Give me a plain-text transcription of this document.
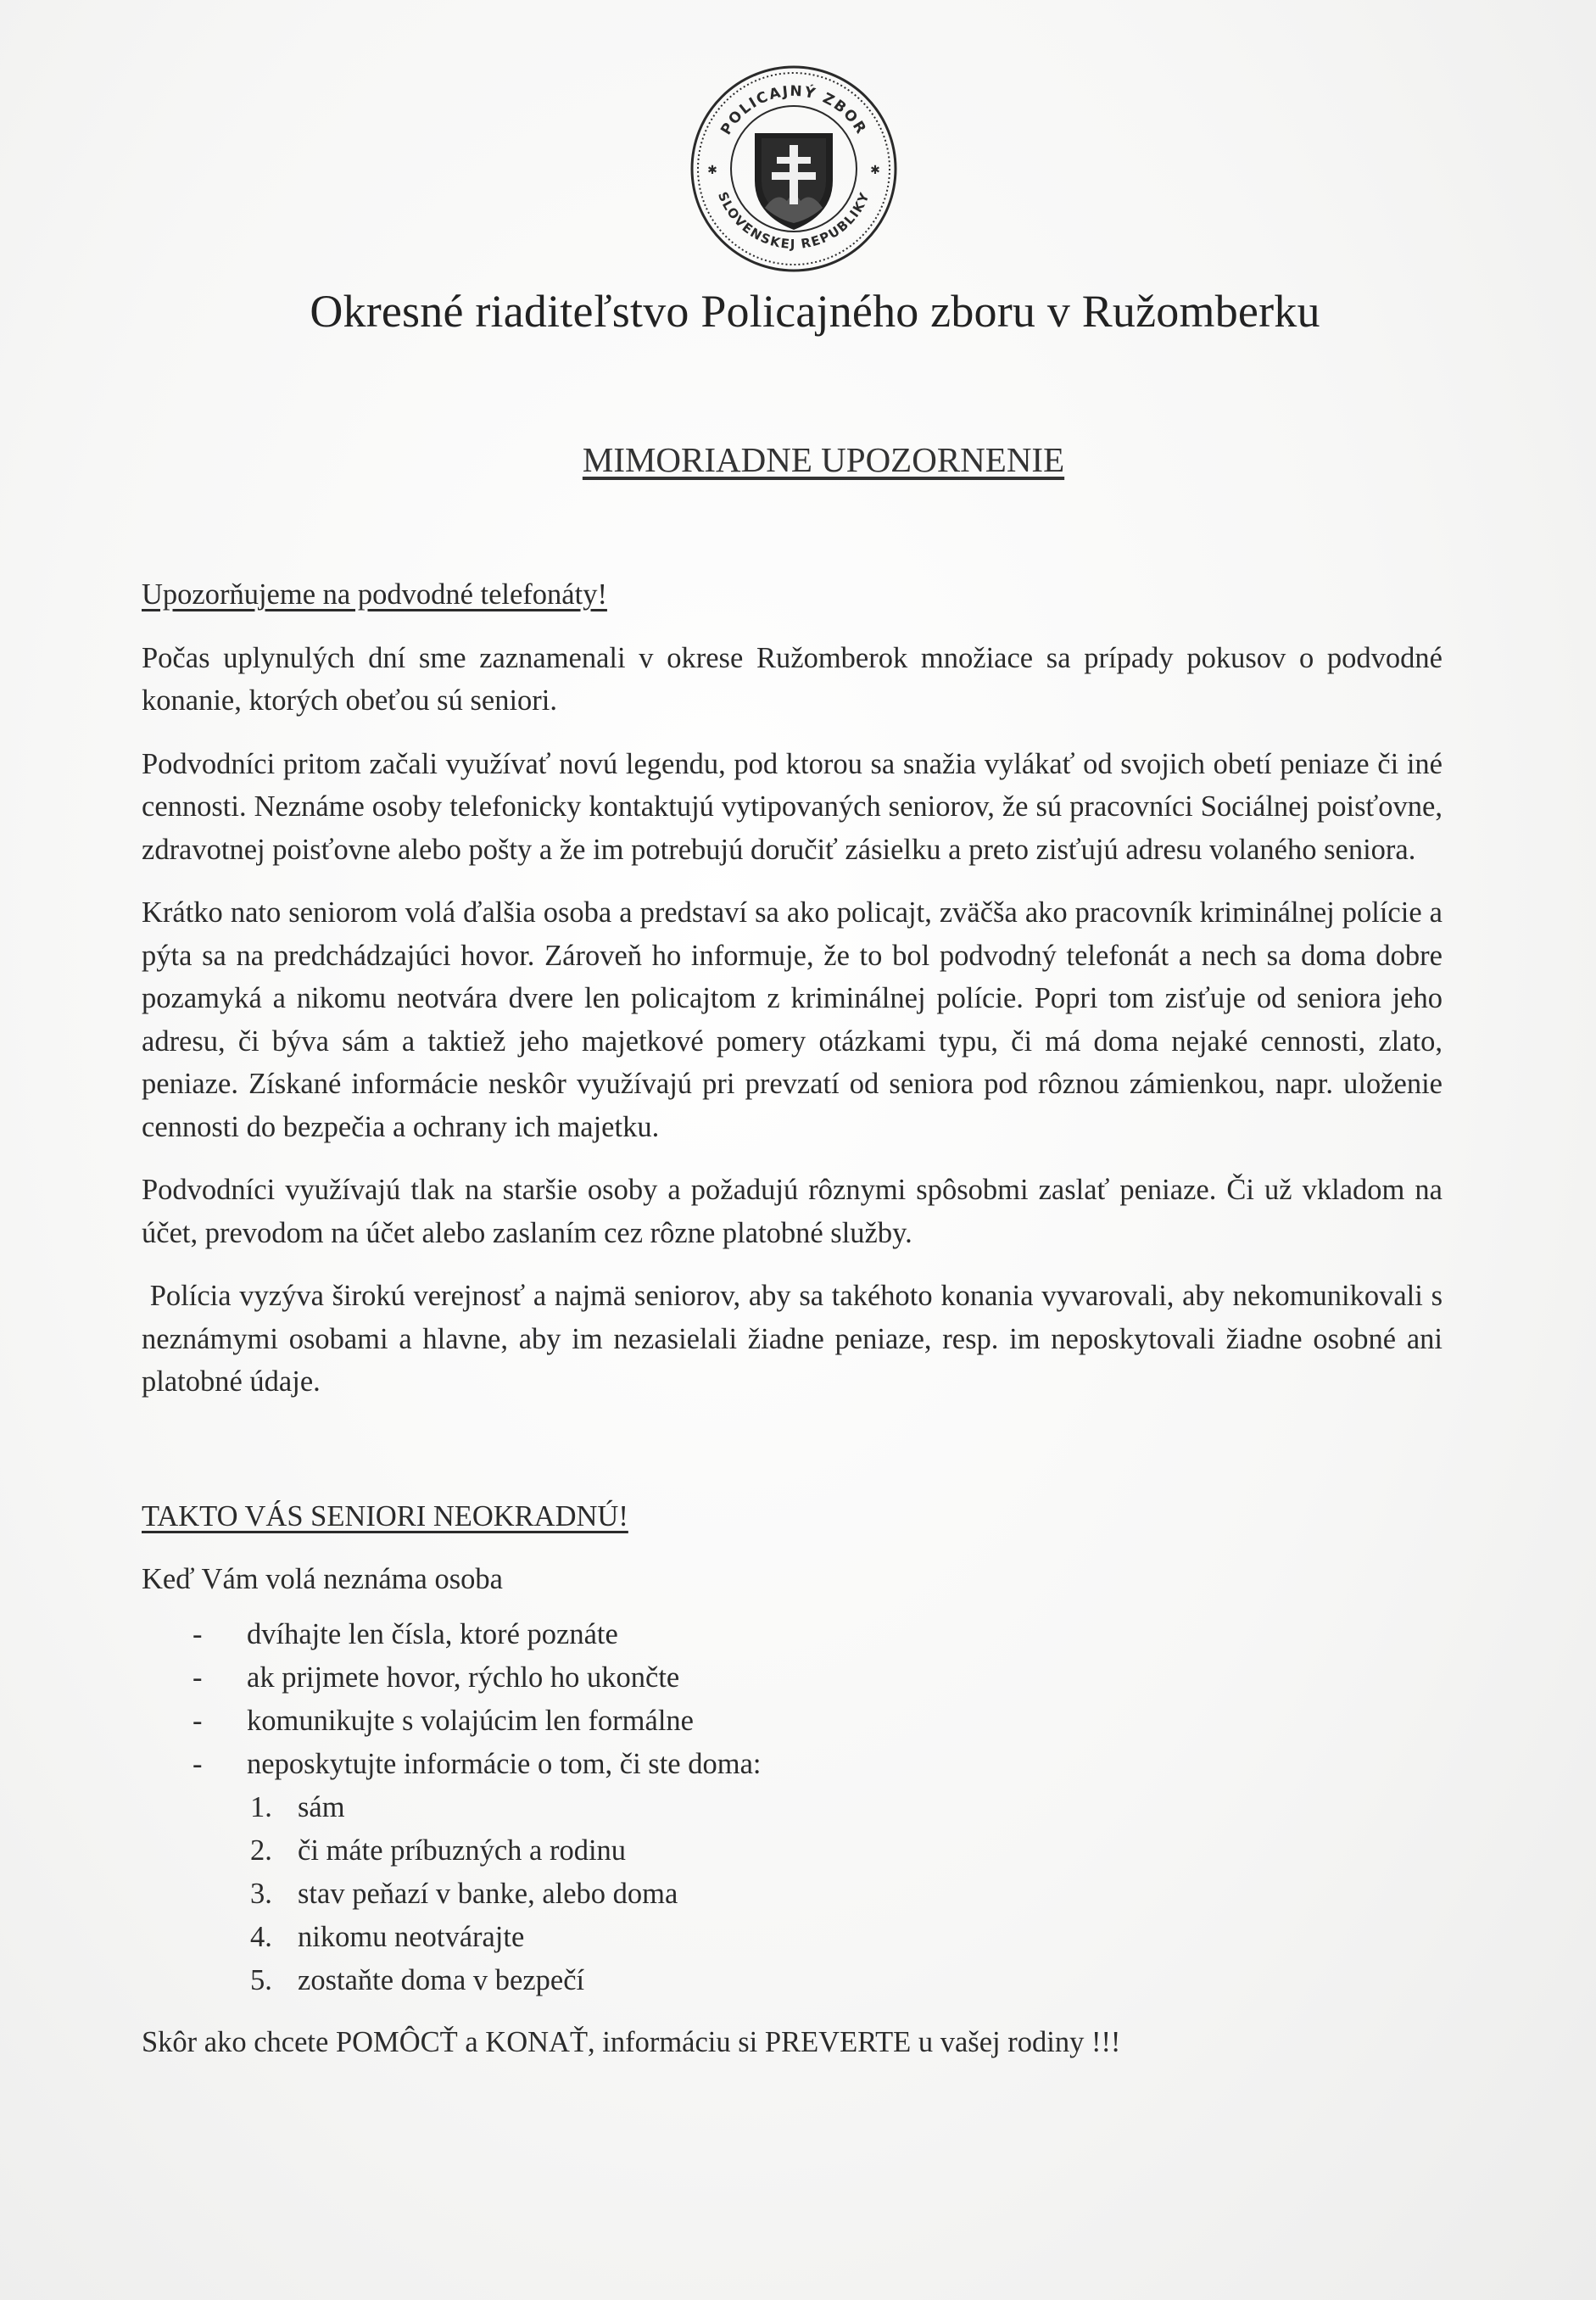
POLICAJNÝ ZBOR
SLOVENSKEJ REPUBLIKY
✱	✱
Okresné riaditeľstvo Policajného zboru v Ružomberku
MIMORIADNE UPOZORNENIE

Upozorňujeme na podvodné telefonáty!

Počas uplynulých dní sme zaznamenali v okrese Ružomberok množiace sa prípady pokusov o podvodné konanie, ktorých obeťou sú seniori.

Podvodníci pritom začali využívať novú legendu, pod ktorou sa snažia vylákať od svojich obetí peniaze či iné cennosti. Neznáme osoby telefonicky kontaktujú vytipovaných seniorov, že sú pracovníci Sociálnej poisťovne, zdravotnej poisťovne alebo pošty a že im potrebujú doručiť zásielku a preto zisťujú adresu volaného seniora.

Krátko nato seniorom volá ďalšia osoba a predstaví sa ako policajt, zväčša ako pracovník kriminálnej polície a pýta sa na predchádzajúci hovor. Zároveň ho informuje, že to bol podvodný telefonát a nech sa doma dobre pozamyká a nikomu neotvára dvere len policajtom z kriminálnej polície. Popri tom zisťuje od seniora jeho adresu, či býva sám a taktiež jeho majetkové pomery otázkami typu, či má doma nejaké cennosti, zlato, peniaze. Získané informácie neskôr využívajú pri prevzatí od seniora pod rôznou zámienkou, napr. uloženie cennosti do bezpečia a ochrany ich majetku.

Podvodníci využívajú tlak na staršie osoby a požadujú rôznymi spôsobmi zaslať peniaze. Či už vkladom na účet, prevodom na účet alebo zaslaním cez rôzne platobné služby.

Polícia vyzýva širokú verejnosť a najmä seniorov, aby sa takéhoto konania vyvarovali, aby nekomunikovali s neznámymi osobami a hlavne, aby im nezasielali žiadne peniaze, resp. im neposkytovali žiadne osobné ani platobné údaje.

TAKTO VÁS SENIORI NEOKRADNÚ!

Keď Vám volá neznáma osoba

- dvíhajte len čísla, ktoré poznáte
- ak prijmete hovor, rýchlo ho ukončte
- komunikujte s volajúcim len formálne
- neposkytujte informácie o tom, či ste doma:
1. sám
2. či máte príbuzných a rodinu
3. stav peňazí v banke, alebo doma
4. nikomu neotvárajte
5. zostaňte doma v bezpečí

Skôr ako chcete POMÔCŤ a KONAŤ, informáciu si PREVERTE u vašej rodiny !!!
